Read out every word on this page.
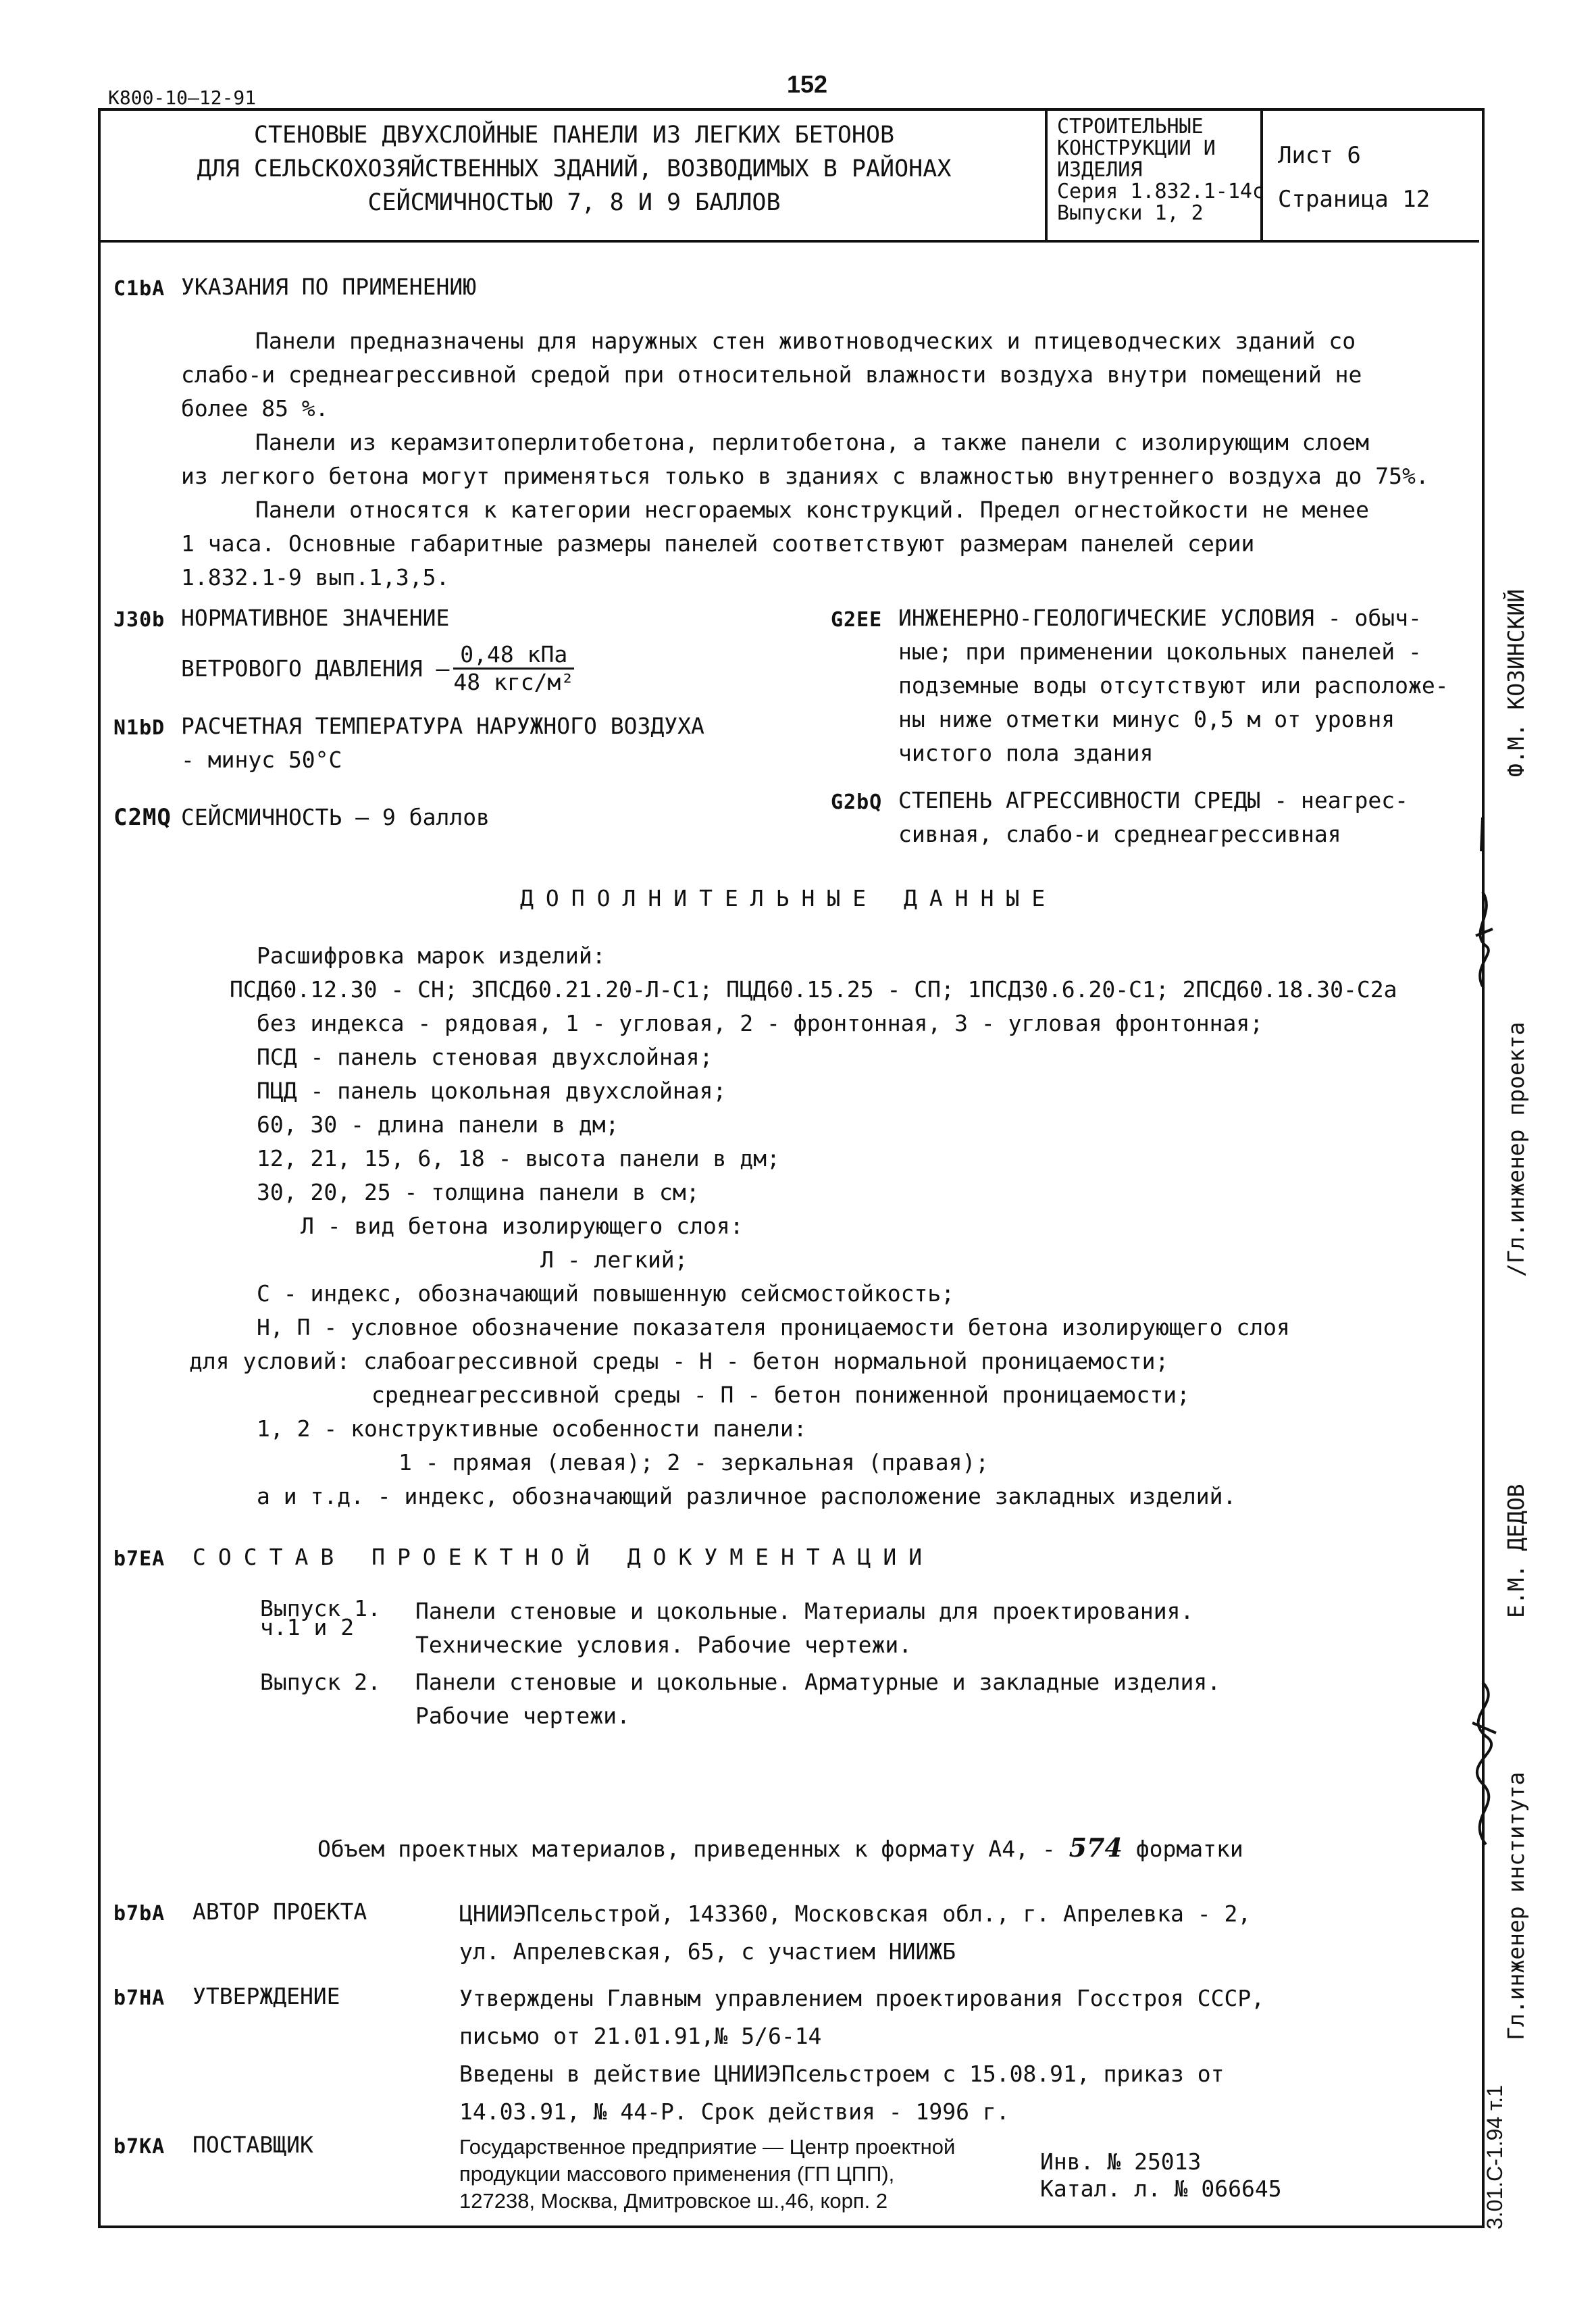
К800-10—12-91	152
СТЕНОВЫЕ ДВУХСЛОЙНЫЕ ПАНЕЛИ ИЗ ЛЕГКИХ БЕТОНОВ
ДЛЯ СЕЛЬСКОХОЗЯЙСТВЕННЫХ ЗДАНИЙ, ВОЗВОДИМЫХ В РАЙОНАХ
СЕЙСМИЧНОСТЬЮ 7, 8 И 9 БАЛЛОВ
СТРОИТЕЛЬНЫЕ
КОНСТРУКЦИИ И
ИЗДЕЛИЯ
Серия 1.832.1-14с
Выпуски 1, 2
Лист 6
Страница 12
C1bA УКАЗАНИЯ ПО ПРИМЕНЕНИЮ
Панели предназначены для наружных стен животноводческих и птицеводческих зданий со
слабо-и среднеагрессивной средой при относительной влажности воздуха внутри помещений не
более 85 %.
Панели из керамзитоперлитобетона, перлитобетона, а также панели с изолирующим слоем
из легкого бетона могут применяться только в зданиях с влажностью внутреннего воздуха до 75%.
Панели относятся к категории несгораемых конструкций. Предел огнестойкости не менее
1 часа. Основные габаритные размеры панелей соответствуют размерам панелей серии
1.832.1-9 вып.1,3,5.
J30b НОРМАТИВНОЕ ЗНАЧЕНИЕ
ВЕТРОВОГО ДАВЛЕНИЯ – $\frac{\text{0,48 кПа}}{\text{48 кгс/м²}}$
N1bD РАСЧЕТНАЯ ТЕМПЕРАТУРА НАРУЖНОГО ВОЗДУХА
- минус 50°С
C2MQ СЕЙСМИЧНОСТЬ – 9 баллов
G2EE ИНЖЕНЕРНО-ГЕОЛОГИЧЕСКИЕ УСЛОВИЯ - обыч-
ные; при применении цокольных панелей -
подземные воды отсутствуют или расположе-
ны ниже отметки минус 0,5 м от уровня
чистого пола здания
G2bQ СТЕПЕНЬ АГРЕССИВНОСТИ СРЕДЫ - неагрес-
сивная, слабо-и среднеагрессивная
ДОПОЛНИТЕЛЬНЫЕ ДАННЫЕ
Расшифровка марок изделий:
ПСД60.12.30 - СН; 3ПСД60.21.20-Л-С1; ПЦД60.15.25 - СП; 1ПСД30.6.20-С1; 2ПСД60.18.30-С2а
без индекса - рядовая, 1 - угловая, 2 - фронтонная, 3 - угловая фронтонная;
ПСД - панель стеновая двухслойная;
ПЦД - панель цокольная двухслойная;
60, 30 - длина панели в дм;
12, 21, 15, 6, 18 - высота панели в дм;
30, 20, 25 - толщина панели в см;
Л - вид бетона изолирующего слоя:
Л - легкий;
С - индекс, обозначающий повышенную сейсмостойкость;
Н, П - условное обозначение показателя проницаемости бетона изолирующего слоя
для условий: слабоагрессивной среды - Н - бетон нормальной проницаемости;
среднеагрессивной среды - П - бетон пониженной проницаемости;
1, 2 - конструктивные особенности панели:
1 - прямая (левая); 2 - зеркальная (правая);
а и т.д. - индекс, обозначающий различное расположение закладных изделий.
b7EA СОСТАВ ПРОЕКТНОЙ ДОКУМЕНТАЦИИ
Выпуск 1.
ч.1 и 2
Панели стеновые и цокольные. Материалы для проектирования.
Технические условия. Рабочие чертежи.
Выпуск 2. Панели стеновые и цокольные. Арматурные и закладные изделия.
Рабочие чертежи.
Объем проектных материалов, приведенных к формату А4, - 574 форматки
b7bA АВТОР ПРОЕКТА	ЦНИИЭПсельстрой, 143360, Московская обл., г. Апрелевка - 2,
ул. Апрелевская, 65, с участием НИИЖБ
b7HA УТВЕРЖДЕНИЕ	Утверждены Главным управлением проектирования Госстроя СССР,
письмо от 21.01.91,№ 5/6-14
Введены в действие ЦНИИЭПсельстроем с 15.08.91, приказ от
14.03.91, № 44-Р. Срок действия - 1996 г.
b7KA ПОСТАВЩИК	Государственное предприятие — Центр проектной
продукции массового применения (ГП ЦПП),
127238, Москва, Дмитровское ш.,46, корп. 2
Инв. № 25013
Катал. л. № 066645
Ф.М. КОЗИНСКИЙ
/Гл.инженер проекта
Е.М. ДЕДОВ
Гл.инженер института
3.01.С-1.94 т.1
